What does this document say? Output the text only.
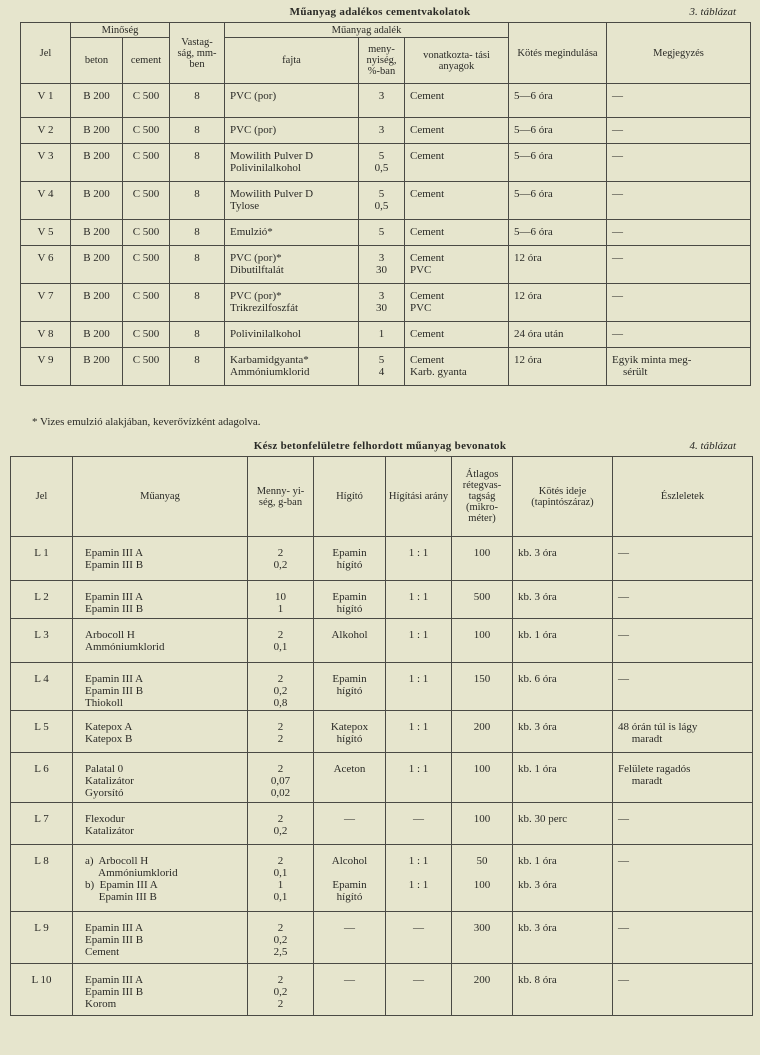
Műanyag adalékos cementvakolatok	3. táblázat
Jel	Minőség		Vastag- ság, mm- ben	Műanyag adalék			Kötés megindulása	Megjegyzés
	beton	cement		fajta	meny- nyiség, %-ban	vonatkozta- tási anyagok		

V 1	B 200	C 500	8	PVC (por)	3	Cement	5—6 óra	—

V 2	B 200	C 500	8	PVC (por)	3	Cement	5—6 óra	—

V 3	B 200	C 500	8	Mowilith Pulver D
Polivinilalkohol	5
0,5	Cement	5—6 óra	—

V 4	B 200	C 500	8	Mowilith Pulver D
Tylose	5
0,5	Cement	5—6 óra	—

V 5	B 200	C 500	8	Emulzió*	5	Cement	5—6 óra	—

V 6	B 200	C 500	8	PVC (por)*
Dibutilftalát	3
30	Cement
PVC	12 óra	—

V 7	B 200	C 500	8	PVC (por)*
Trikrezilfoszfát	3
30	Cement
PVC	12 óra	—

V 8	B 200	C 500	8	Polivinilalkohol	1	Cement	24 óra után	—

V 9	B 200	C 500	8	Karbamidgyanta*
Ammóniumklorid	5
4	Cement
Karb. gyanta	12 óra	Egyik minta meg-
sérült
* Vizes emulzió alakjában, keverővízként adagolva.
Kész betonfelületre felhordott műanyag bevonatok	4. táblázat
Jel	Műanyag	Menny- yi- ség, g-ban	Hígító	Hígítási arány	Átlagos rétegvas- tagság (mikro- méter)	Kötés ideje (tapintószáraz)	Észleletek

L 1	Epamin III A
Epamin III B	2
0,2	Epamin
hígító	1 : 1	100	kb. 3 óra	—

L 2	Epamin III A
Epamin III B	10
1	Epamin
hígító	1 : 1	500	kb. 3 óra	—

L 3	Arbocoll H
Ammóniumklorid	2
0,1	Alkohol	1 : 1	100	kb. 1 óra	—

L 4	Epamin III A
Epamin III B
Thiokoll	2
0,2
0,8	Epamin
hígító	1 : 1	150	kb. 6 óra	—

L 5	Katepox A
Katepox B	2
2	Katepox
hígító	1 : 1	200	kb. 3 óra	48 órán túl is lágy
maradt

L 6	Palatal 0
Katalizátor
Gyorsító	2
0,07
0,02	Aceton	1 : 1	100	kb. 1 óra	Felülete ragadós
maradt

L 7	Flexodur
Katalizátor	2
0,2	—	—	100	kb. 30 perc	—

L 8	a)  Arbocoll H
Ammóniumklorid	2
0,1	Alcohol	1 : 1	50	kb. 1 óra	—

	b)  Epamin III A
Epamin III B	1
0,1	Epamin
hígító	1 : 1	100	kb. 3 óra	

L 9	Epamin III A
Epamin III B
Cement	2
0,2
2,5	—	—	300	kb. 3 óra	—

L 10	Epamin III A
Epamin III B
Korom	2
0,2
2	—	—	200	kb. 8 óra	—
